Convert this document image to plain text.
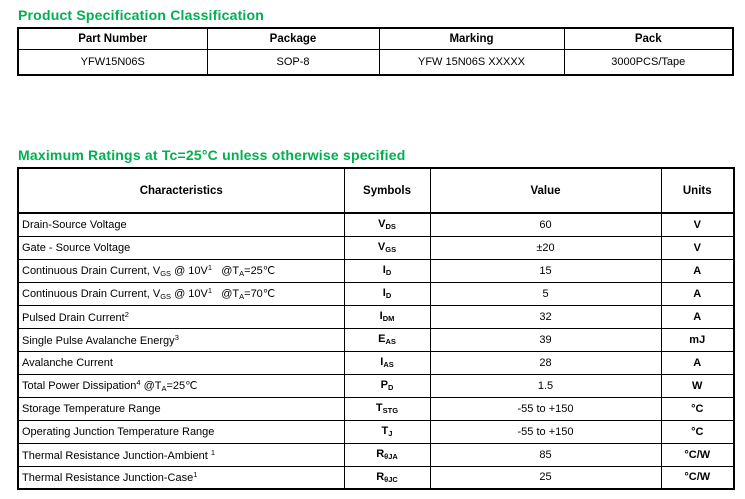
Product Specification Classification
Part Number	Package	Marking	Pack
YFW15N06S	SOP-8	YFW 15N06S XXXXX	3000PCS/Tape
Maximum Ratings at Tc=25°C unless otherwise specified
Characteristics	Symbols	Value	Units
Drain-Source Voltage	$V_{DS}$	60	V
Gate - Source Voltage	$V_{GS}$	±20	V
Continuous Drain Current, $V_{GS}$ @ $10V^1$   $@T_A=25℃$	$I_D$	15	A
Continuous Drain Current, $V_{GS}$ @ $10V^1$   $@T_A=70℃$	$I_D$	5	A
Pulsed Drain Current$^2$	$I_{DM}$	32	A
Single Pulse Avalanche Energy$^3$	$E_{AS}$	39	mJ
Avalanche Current	$I_{AS}$	28	A
Total Power Dissipation$^4$ $@T_A=25℃$	$P_D$	1.5	W
Storage Temperature Range	$T_{STG}$	-55 to +150	°C
Operating Junction Temperature Range	$T_J$	-55 to +150	°C
Thermal Resistance Junction-Ambient $^1$	$R_{\theta JA}$	85	°C/W
Thermal Resistance Junction-Case$^1$	$R_{\theta JC}$	25	°C/W
